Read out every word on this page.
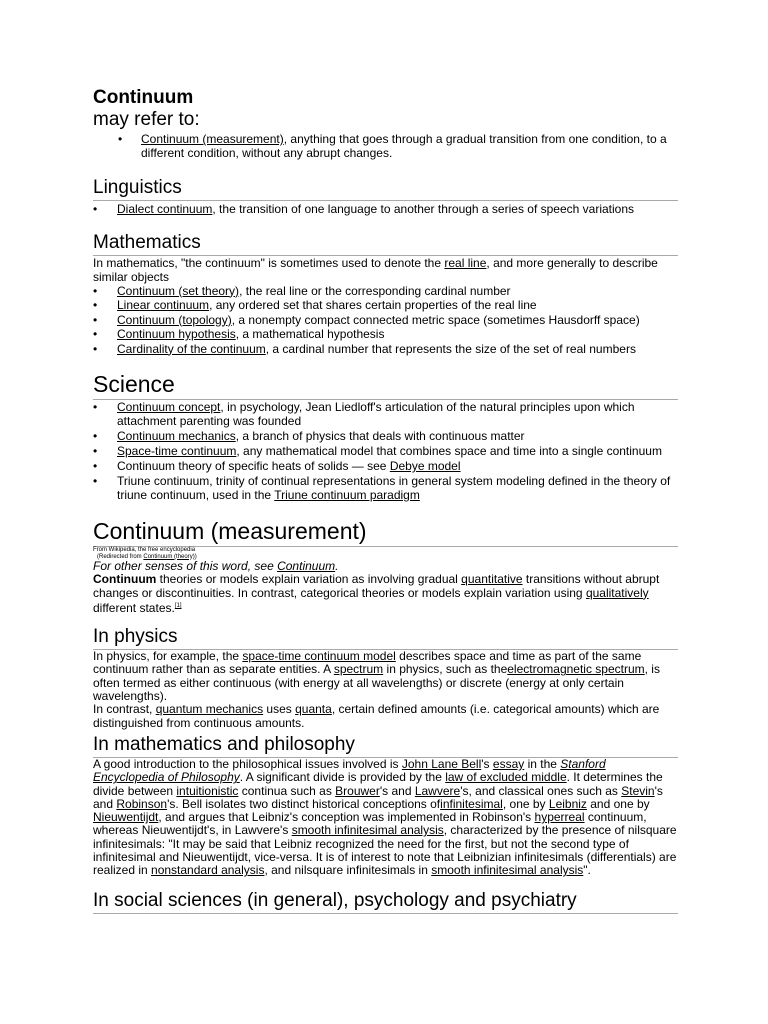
Continuum
may refer to:
• Continuum (measurement), anything that goes through a gradual transition from one condition, to a different condition, without any abrupt changes.
Linguistics
• Dialect continuum, the transition of one language to another through a series of speech variations
Mathematics

In mathematics, "the continuum" is sometimes used to denote the real line, and more generally to describe similar objects

• Continuum (set theory), the real line or the corresponding cardinal number
• Linear continuum, any ordered set that shares certain properties of the real line
• Continuum (topology), a nonempty compact connected metric space (sometimes Hausdorff space)
• Continuum hypothesis, a mathematical hypothesis
• Cardinality of the continuum, a cardinal number that represents the size of the set of real numbers
Science
• Continuum concept, in psychology, Jean Liedloff's articulation of the natural principles upon which attachment parenting was founded
• Continuum mechanics, a branch of physics that deals with continuous matter
• Space-time continuum, any mathematical model that combines space and time into a single continuum
• Continuum theory of specific heats of solids — see Debye model
• Triune continuum, trinity of continual representations in general system modeling defined in the theory of triune continuum, used in the Triune continuum paradigm
Continuum (measurement)
From Wikipedia, the free encyclopedia
(Redirected from Continuum (theory))

For other senses of this word, see Continuum.

Continuum theories or models explain variation as involving gradual quantitative transitions without abrupt changes or discontinuities. In contrast, categorical theories or models explain variation using qualitatively different states.[1]

In physics

In physics, for example, the space-time continuum model describes space and time as part of the same continuum rather than as separate entities. A spectrum in physics, such as theelectromagnetic spectrum, is often termed as either continuous (with energy at all wavelengths) or discrete (energy at only certain wavelengths).

In contrast, quantum mechanics uses quanta, certain defined amounts (i.e. categorical amounts) which are distinguished from continuous amounts.

In mathematics and philosophy

A good introduction to the philosophical issues involved is John Lane Bell's essay in the Stanford Encyclopedia of Philosophy. A significant divide is provided by the law of excluded middle. It determines the divide between intuitionistic continua such as Brouwer's and Lawvere's, and classical ones such as Stevin's and Robinson's. Bell isolates two distinct historical conceptions ofinfinitesimal, one by Leibniz and one by Nieuwentijdt, and argues that Leibniz's conception was implemented in Robinson's hyperreal continuum, whereas Nieuwentijdt's, in Lawvere's smooth infinitesimal analysis, characterized by the presence of nilsquare infinitesimals: "It may be said that Leibniz recognized the need for the first, but not the second type of infinitesimal and Nieuwentijdt, vice-versa. It is of interest to note that Leibnizian infinitesimals (differentials) are realized in nonstandard analysis, and nilsquare infinitesimals in smooth infinitesimal analysis".

In social sciences (in general), psychology and psychiatry
